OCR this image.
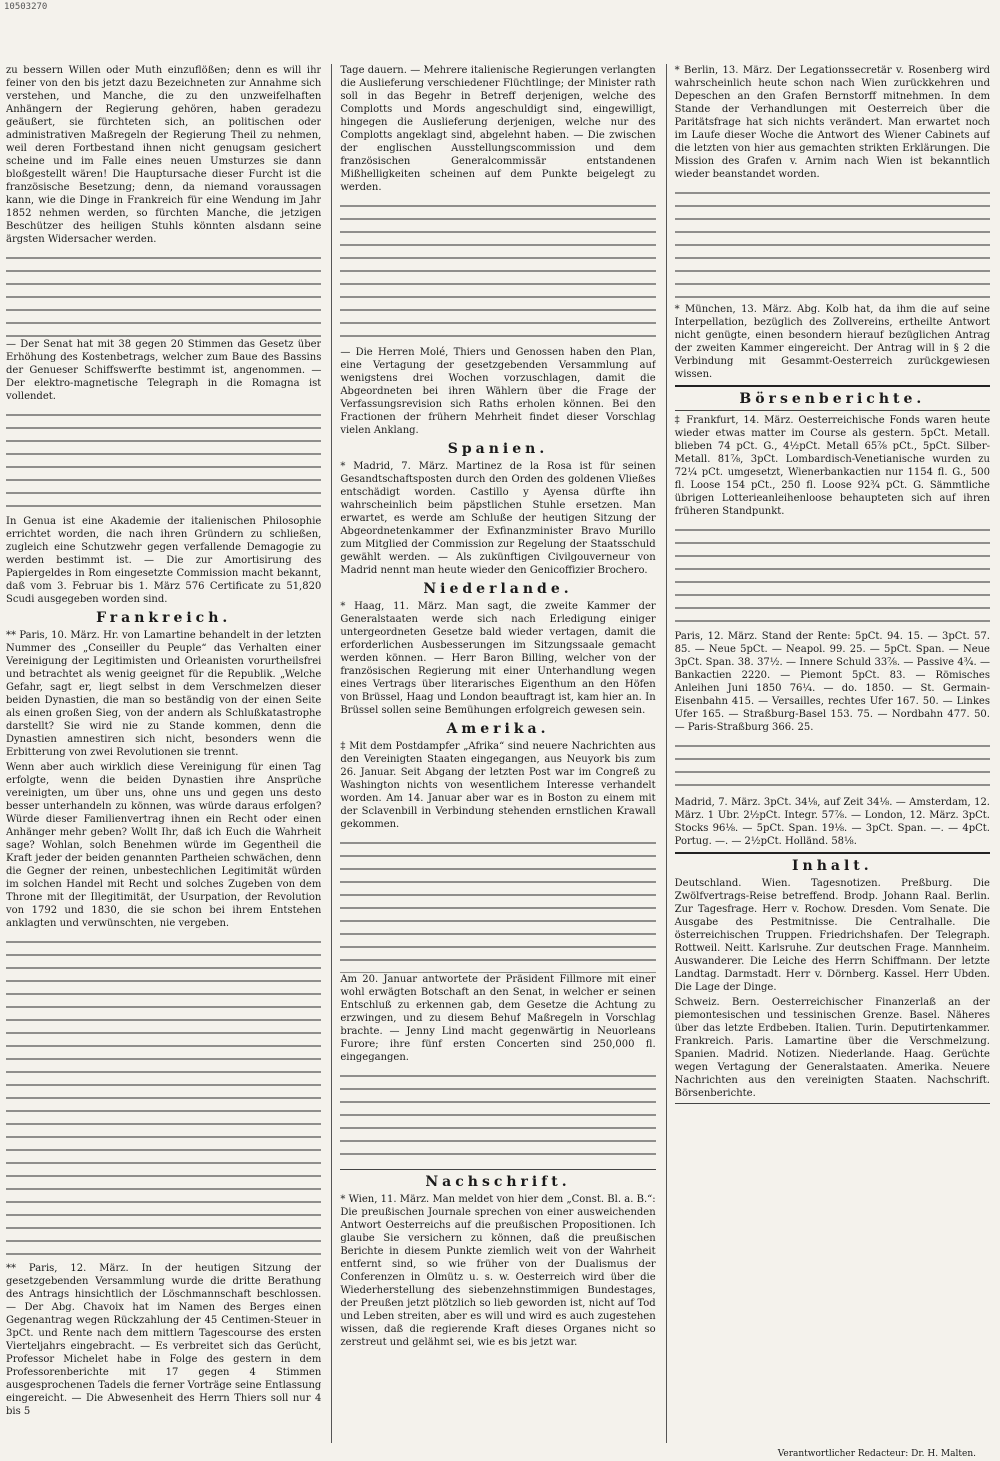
10503270

zu bessern Willen oder Muth einzuflößen; denn es will ihr feiner von den bis jetzt dazu Bezeichneten zur Annahme sich verstehen, und Manche, die zu den unzweifelhaften Anhängern der Regierung gehören, haben geradezu geäußert, sie fürchteten sich, an politischen oder administrativen Maßregeln der Regierung Theil zu nehmen, weil deren Fortbestand ihnen nicht genugsam gesichert scheine und im Falle eines neuen Umsturzes sie dann bloßgestellt wären! Die Hauptursache dieser Furcht ist die französische Besetzung; denn, da niemand voraussagen kann, wie die Dinge in Frankreich für eine Wendung im Jahr 1852 nehmen werden, so fürchten Manche, die jetzigen Beschützer des heiligen Stuhls könnten alsdann seine ärgsten Widersacher werden.

— Der Senat hat mit 38 gegen 20 Stimmen das Gesetz über Erhöhung des Kostenbetrags, welcher zum Baue des Bassins der Genueser Schiffswerfte bestimmt ist, angenommen. — Der elektro-magnetische Telegraph in die Romagna ist vollendet.

In Genua ist eine Akademie der italienischen Philosophie errichtet worden, die nach ihren Gründern zu schließen, zugleich eine Schutzwehr gegen verfallende Demagogie zu werden bestimmt ist. — Die zur Amortisirung des Papiergeldes in Rom eingesetzte Commission macht bekannt, daß vom 3. Februar bis 1. März 576 Certificate zu 51,820 Scudi ausgegeben worden sind.

Frankreich.

** Paris, 10. März. Hr. von Lamartine behandelt in der letzten Nummer des „Conseiller du Peuple“ das Verhalten einer Vereinigung der Legitimisten und Orleanisten vorurtheilsfrei und betrachtet als wenig geeignet für die Republik. „Welche Gefahr, sagt er, liegt selbst in dem Verschmelzen dieser beiden Dynastien, die man so beständig von der einen Seite als einen großen Sieg, von der andern als Schlußkatastrophe darstellt? Sie wird nie zu Stande kommen, denn die Dynastien amnestiren sich nicht, besonders wenn die Erbitterung von zwei Revolutionen sie trennt.

Wenn aber auch wirklich diese Vereinigung für einen Tag erfolgte, wenn die beiden Dynastien ihre Ansprüche vereinigten, um über uns, ohne uns und gegen uns desto besser unterhandeln zu können, was würde daraus erfolgen? Würde dieser Familienvertrag ihnen ein Recht oder einen Anhänger mehr geben? Wollt Ihr, daß ich Euch die Wahrheit sage? Wohlan, solch Benehmen würde im Gegentheil die Kraft jeder der beiden genannten Partheien schwächen, denn die Gegner der reinen, unbestechlichen Legitimität würden im solchen Handel mit Recht und solches Zugeben von dem Throne mit der Illegitimität, der Usurpation, der Revolution von 1792 und 1830, die sie schon bei ihrem Entstehen anklagten und verwünschten, nie vergeben.

** Paris, 12. März. In der heutigen Sitzung der gesetzgebenden Versammlung wurde die dritte Berathung des Antrags hinsichtlich der Löschmannschaft beschlossen. — Der Abg. Chavoix hat im Namen des Berges einen Gegenantrag wegen Rückzahlung der 45 Centimen-Steuer in 3pCt. und Rente nach dem mittlern Tagescourse des ersten Vierteljahrs eingebracht. — Es verbreitet sich das Gerücht, Professor Michelet habe in Folge des gestern in dem Professorenberichte mit 17 gegen 4 Stimmen ausgesprochenen Tadels die ferner Vorträge seine Entlassung eingereicht. — Die Abwesenheit des Herrn Thiers soll nur 4 bis 5

Tage dauern. — Mehrere italienische Regierungen verlangten die Auslieferung verschiedener Flüchtlinge; der Minister rath soll in das Begehr in Betreff derjenigen, welche des Complotts und Mords angeschuldigt sind, eingewilligt, hingegen die Auslieferung derjenigen, welche nur des Complotts angeklagt sind, abgelehnt haben. — Die zwischen der englischen Ausstellungscommission und dem französischen Generalcommissär entstandenen Mißhelligkeiten scheinen auf dem Punkte beigelegt zu werden.

— Die Herren Molé, Thiers und Genossen haben den Plan, eine Vertagung der gesetzgebenden Versammlung auf wenigstens drei Wochen vorzuschlagen, damit die Abgeordneten bei ihren Wählern über die Frage der Verfassungsrevision sich Raths erholen können. Bei den Fractionen der frühern Mehrheit findet dieser Vorschlag vielen Anklang.

Spanien.

* Madrid, 7. März. Martinez de la Rosa ist für seinen Gesandtschaftsposten durch den Orden des goldenen Vließes entschädigt worden. Castillo y Ayensa dürfte ihn wahrscheinlich beim päpstlichen Stuhle ersetzen. Man erwartet, es werde am Schluße der heutigen Sitzung der Abgeordnetenkammer der Exfinanzminister Bravo Murillo zum Mitglied der Commission zur Regelung der Staatsschuld gewählt werden. — Als zukünftigen Civilgouverneur von Madrid nennt man heute wieder den Genicoffizier Brochero.

Niederlande.

* Haag, 11. März. Man sagt, die zweite Kammer der Generalstaaten werde sich nach Erledigung einiger untergeordneten Gesetze bald wieder vertagen, damit die erforderlichen Ausbesserungen im Sitzungssaale gemacht werden können. — Herr Baron Billing, welcher von der französischen Regierung mit einer Unterhandlung wegen eines Vertrags über literarisches Eigenthum an den Höfen von Brüssel, Haag und London beauftragt ist, kam hier an. In Brüssel sollen seine Bemühungen erfolgreich gewesen sein.

Amerika.

‡ Mit dem Postdampfer „Afrika“ sind neuere Nachrichten aus den Vereinigten Staaten eingegangen, aus Neuyork bis zum 26. Januar. Seit Abgang der letzten Post war im Congreß zu Washington nichts von wesentlichem Interesse verhandelt worden. Am 14. Januar aber war es in Boston zu einem mit der Sclavenbill in Verbindung stehenden ernstlichen Krawall gekommen.

Am 20. Januar antwortete der Präsident Fillmore mit einer wohl erwägten Botschaft an den Senat, in welcher er seinen Entschluß zu erkennen gab, dem Gesetze die Achtung zu erzwingen, und zu diesem Behuf Maßregeln in Vorschlag brachte. — Jenny Lind macht gegenwärtig in Neuorleans Furore; ihre fünf ersten Concerten sind 250,000 fl. eingegangen.

Nachschrift.

* Wien, 11. März. Man meldet von hier dem „Const. Bl. a. B.“: Die preußischen Journale sprechen von einer ausweichenden Antwort Oesterreichs auf die preußischen Propositionen. Ich glaube Sie versichern zu können, daß die preußischen Berichte in diesem Punkte ziemlich weit von der Wahrheit entfernt sind, so wie früher von der Dualismus der Conferenzen in Olmütz u. s. w. Oesterreich wird über die Wiederherstellung des siebenzehnstimmigen Bundestages, der Preußen jetzt plötzlich so lieb geworden ist, nicht auf Tod und Leben streiten, aber es will und wird es auch zugestehen wissen, daß die regierende Kraft dieses Organes nicht so zerstreut und gelähmt sei, wie es bis jetzt war.

* Berlin, 13. März. Der Legationssecretär v. Rosenberg wird wahrscheinlich heute schon nach Wien zurückkehren und Depeschen an den Grafen Bernstorff mitnehmen. In dem Stande der Verhandlungen mit Oesterreich über die Paritätsfrage hat sich nichts verändert. Man erwartet noch im Laufe dieser Woche die Antwort des Wiener Cabinets auf die letzten von hier aus gemachten strikten Erklärungen. Die Mission des Grafen v. Arnim nach Wien ist bekanntlich wieder beanstandet worden.

* München, 13. März. Abg. Kolb hat, da ihm die auf seine Interpellation, bezüglich des Zollvereins, ertheilte Antwort nicht genügte, einen besondern hierauf bezüglichen Antrag der zweiten Kammer eingereicht. Der Antrag will in § 2 die Verbindung mit Gesammt-Oesterreich zurückgewiesen wissen.

Börsenberichte.

‡ Frankfurt, 14. März. Oesterreichische Fonds waren heute wieder etwas matter im Course als gestern. 5pCt. Metall. blieben 74 pCt. G., 4½pCt. Metall 65⅞ pCt., 5pCt. Silber-Metall. 81⅞, 3pCt. Lombardisch-Venetianische wurden zu 72¼ pCt. umgesetzt, Wienerbankactien nur 1154 fl. G., 500 fl. Loose 154 pCt., 250 fl. Loose 92¾ pCt. G. Sämmtliche übrigen Lotterieanleihenloose behaupteten sich auf ihren früheren Standpunkt.

Paris, 12. März. Stand der Rente: 5pCt. 94. 15. — 3pCt. 57. 85. — Neue 5pCt. — Neapol. 99. 25. — 5pCt. Span. — Neue 3pCt. Span. 38. 37½. — Innere Schuld 33⅞. — Passive 4¾. — Bankactien 2220. — Piemont 5pCt. 83. — Römisches Anleihen Juni 1850 76¼. — do. 1850. — St. Germain-Eisenbahn 415. — Versailles, rechtes Ufer 167. 50. — Linkes Ufer 165. — Straßburg-Basel 153. 75. — Nordbahn 477. 50. — Paris-Straßburg 366. 25.

Madrid, 7. März. 3pCt. 34⅛, auf Zeit 34⅛. — Amsterdam, 12. März. 1 Ubr. 2½pCt. Integr. 57⅞. — London, 12. März. 3pCt. Stocks 96⅛. — 5pCt. Span. 19⅛. — 3pCt. Span. —. — 4pCt. Portug. —. — 2½pCt. Holländ. 58⅛.

Inhalt.

Deutschland. Wien. Tagesnotizen. Preßburg. Die Zwölfvertrags-Reise betreffend. Brodp. Johann Raal. Berlin. Zur Tagesfrage. Herr v. Rochow. Dresden. Vom Senate. Die Ausgabe des Pestmitnisse. Die Centralhalle. Die österreichischen Truppen. Friedrichshafen. Der Telegraph. Rottweil. Neitt. Karlsruhe. Zur deutschen Frage. Mannheim. Auswanderer. Die Leiche des Herrn Schiffmann. Der letzte Landtag. Darmstadt. Herr v. Dörnberg. Kassel. Herr Ubden. Die Lage der Dinge.

Schweiz. Bern. Oesterreichischer Finanzerlaß an der piemontesischen und tessinischen Grenze. Basel. Näheres über das letzte Erdbeben. Italien. Turin. Deputirtenkammer. Frankreich. Paris. Lamartine über die Verschmelzung. Spanien. Madrid. Notizen. Niederlande. Haag. Gerüchte wegen Vertagung der Generalstaaten. Amerika. Neuere Nachrichten aus den vereinigten Staaten. Nachschrift. Börsenberichte.

Verantwortlicher Redacteur: Dr. H. Malten.
